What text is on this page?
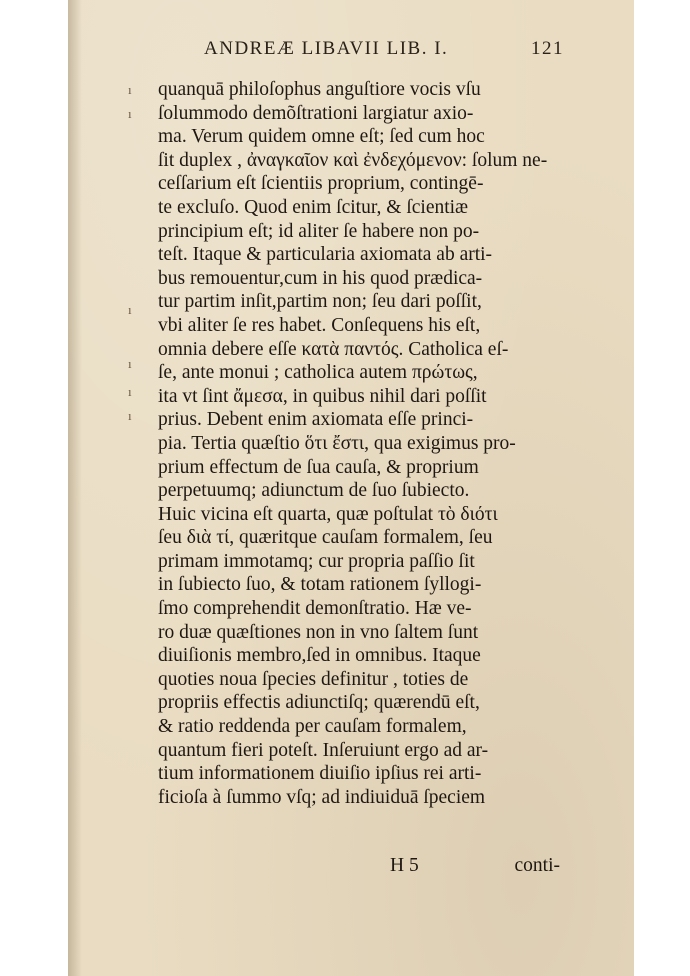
ANDREÆ LIBAVII LIB. I.	121
ı
ı
ı
ı
ı
ı
quanquā philoſophus anguſtiore vocis vſu
ſolummodo demõſtrationi largiatur axio-
ma. Verum quidem omne eſt; ſed cum hoc
ſit duplex , ἀναγκαῖον καὶ ἐνδεχόμενον: ſolum ne-
ceſſarium eſt ſcientiis proprium, contingē-
te excluſo. Quod enim ſcitur, & ſcientiæ
principium eſt; id aliter ſe habere non po-
teſt. Itaque & particularia axiomata ab arti-
bus remouentur,cum in his quod prædica-
tur partim inſit,partim non; ſeu dari poſſit,
vbi aliter ſe res habet. Conſequens his eſt,
omnia debere eſſe κατὰ παντός. Catholica eſ-
ſe, ante monui ; catholica autem πρώτως,
ita vt ſint ἄμεσα, in quibus nihil dari poſſit
prius. Debent enim axiomata eſſe princi-
pia. Tertia quæſtio ὅτι ἔστι, qua exigimus pro-
prium effectum de ſua cauſa, & proprium
perpetuumq; adiunctum de ſuo ſubiecto.
Huic vicina eſt quarta, quæ poſtulat τὸ διότι
ſeu διὰ τί, quæritque cauſam formalem, ſeu
primam immotamq; cur propria paſſio ſit
in ſubiecto ſuo, & totam rationem ſyllogi-
ſmo comprehendit demonſtratio. Hæ ve-
ro duæ quæſtiones non in vno ſaltem ſunt
diuiſionis membro,ſed in omnibus. Itaque
quoties noua ſpecies definitur , toties de
propriis effectis adiunctiſq; quærendū eſt,
& ratio reddenda per cauſam formalem,
quantum fieri poteſt. Inſeruiunt ergo ad ar-
tium informationem diuiſio ipſius rei arti-
ficioſa à ſummo vſq; ad indiuiduā ſpeciem
H 5	conti-
